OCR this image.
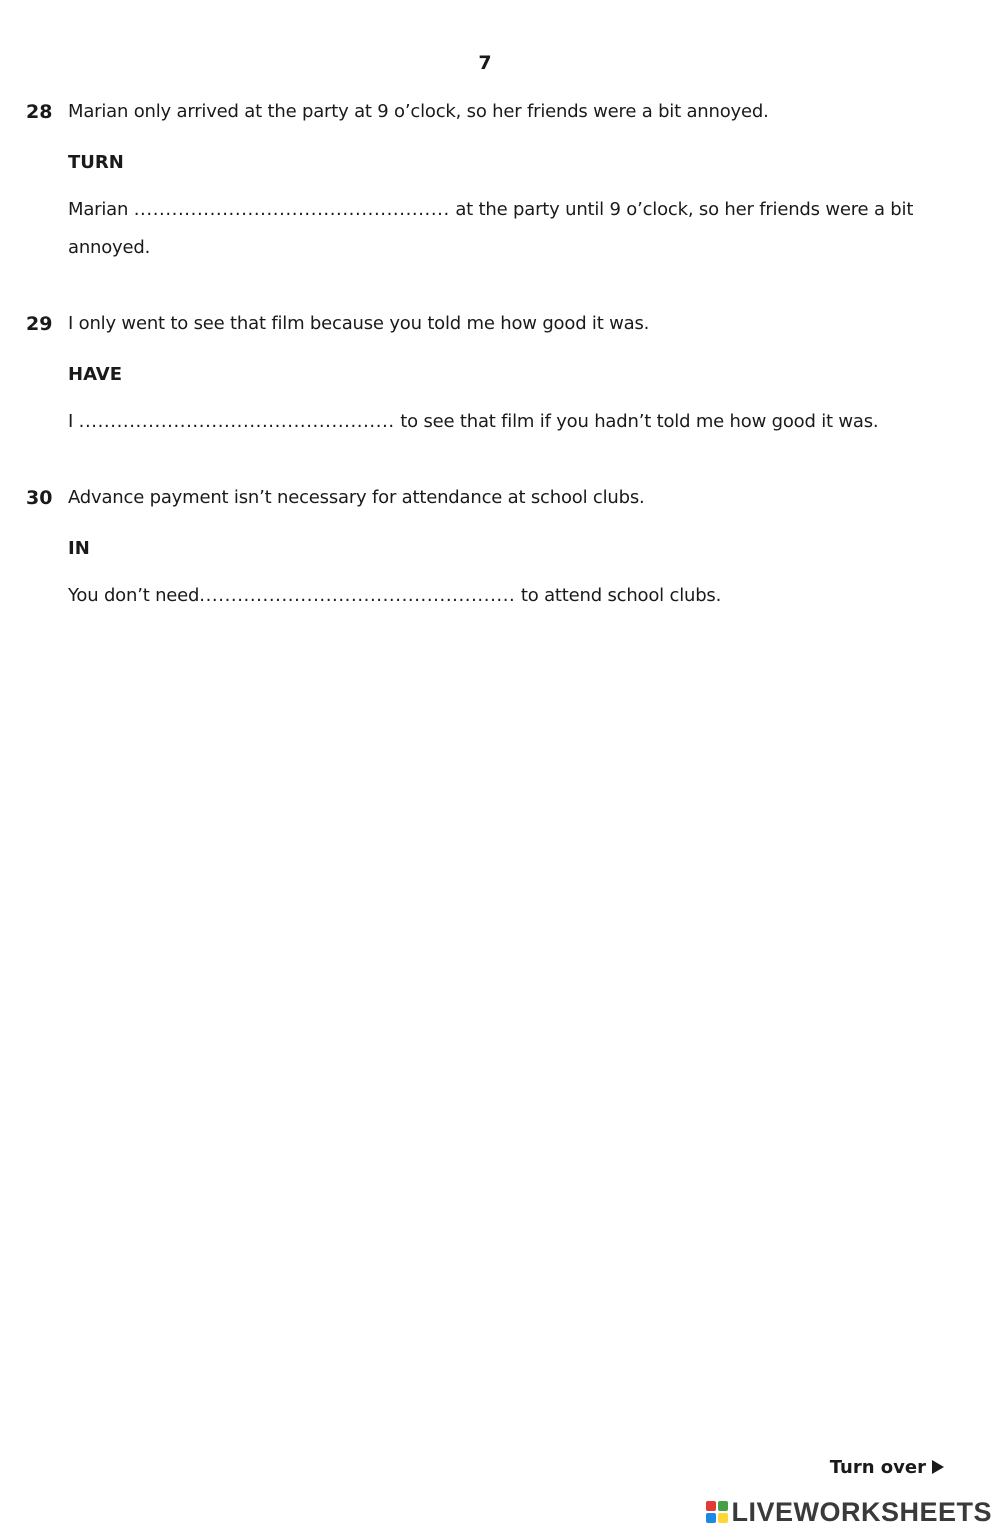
7
28 Marian only arrived at the party at 9 o’clock, so her friends were a bit annoyed.
TURN
Marian .................................................. at the party until 9 o’clock, so her friends were a bit
annoyed.
29 I only went to see that film because you told me how good it was.
HAVE
I .................................................. to see that film if you hadn’t told me how good it was.
30 Advance payment isn’t necessary for attendance at school clubs.
IN
You don’t need.................................................. to attend school clubs.
Turn over
LIVEWORKSHEETS
